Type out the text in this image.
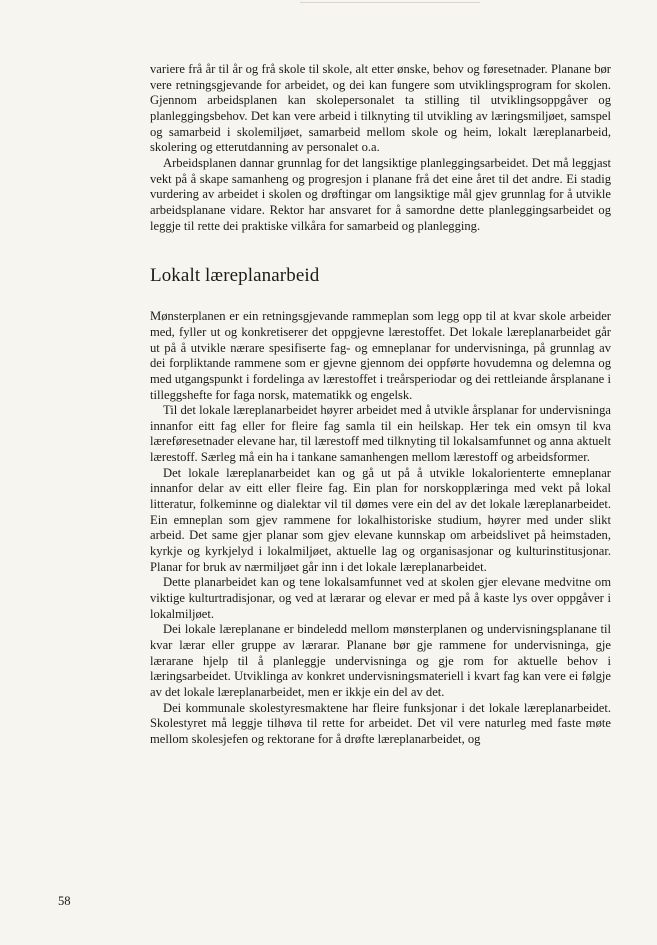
variere frå år til år og frå skole til skole, alt etter ønske, behov og føresetnader. Planane bør vere retningsgjevande for arbeidet, og dei kan fungere som utviklingsprogram for skolen. Gjennom arbeidsplanen kan skolepersonalet ta stilling til utviklingsoppgåver og planleggingsbehov. Det kan vere arbeid i tilknyting til utvikling av læringsmiljøet, samspel og samarbeid i skolemiljøet, samarbeid mellom skole og heim, lokalt læreplanarbeid, skolering og etterutdanning av personalet o.a.

Arbeidsplanen dannar grunnlag for det langsiktige planleggingsarbeidet. Det må leggjast vekt på å skape samanheng og progresjon i planane frå det eine året til det andre. Ei stadig vurdering av arbeidet i skolen og drøftingar om langsiktige mål gjev grunnlag for å utvikle arbeidsplanane vidare. Rektor har ansvaret for å samordne dette planleggingsarbeidet og leggje til rette dei praktiske vilkåra for samarbeid og planlegging.

Lokalt læreplanarbeid

Mønsterplanen er ein retningsgjevande rammeplan som legg opp til at kvar skole arbeider med, fyller ut og konkretiserer det oppgjevne lærestoffet. Det lokale læreplanarbeidet går ut på å utvikle nærare spesifiserte fag- og emneplanar for undervisninga, på grunnlag av dei forpliktande rammene som er gjevne gjennom dei oppførte hovudemna og delemna og med utgangspunkt i fordelinga av lærestoffet i treårsperiodar og dei rettleiande årsplanane i tilleggshefte for faga norsk, matematikk og engelsk.

Til det lokale læreplanarbeidet høyrer arbeidet med å utvikle årsplanar for undervisninga innanfor eitt fag eller for fleire fag samla til ein heilskap. Her tek ein omsyn til kva læreføresetnader elevane har, til lærestoff med tilknyting til lokalsamfunnet og anna aktuelt lærestoff. Særleg må ein ha i tankane samanhengen mellom lærestoff og arbeidsformer.

Det lokale læreplanarbeidet kan og gå ut på å utvikle lokalorienterte emneplanar innanfor delar av eitt eller fleire fag. Ein plan for norskopplæringa med vekt på lokal litteratur, folkeminne og dialektar vil til dømes vere ein del av det lokale læreplanarbeidet. Ein emneplan som gjev rammene for lokalhistoriske studium, høyrer med under slikt arbeid. Det same gjer planar som gjev elevane kunnskap om arbeidslivet på heimstaden, kyrkje og kyrkjelyd i lokalmiljøet, aktuelle lag og organisasjonar og kulturinstitusjonar. Planar for bruk av nærmiljøet går inn i det lokale læreplanarbeidet.

Dette planarbeidet kan og tene lokalsamfunnet ved at skolen gjer elevane medvitne om viktige kulturtradisjonar, og ved at lærarar og elevar er med på å kaste lys over oppgåver i lokalmiljøet.

Dei lokale læreplanane er bindeledd mellom mønsterplanen og undervisningsplanane til kvar lærar eller gruppe av lærarar. Planane bør gje rammene for undervisninga, gje lærarane hjelp til å planleggje undervisninga og gje rom for aktuelle behov i læringsarbeidet. Utviklinga av konkret undervisningsmateriell i kvart fag kan vere ei følgje av det lokale læreplanarbeidet, men er ikkje ein del av det.

Dei kommunale skolestyresmaktene har fleire funksjonar i det lokale læreplanarbeidet. Skolestyret må leggje tilhøva til rette for arbeidet. Det vil vere naturleg med faste møte mellom skolesjefen og rektorane for å drøfte læreplanarbeidet, og

58
